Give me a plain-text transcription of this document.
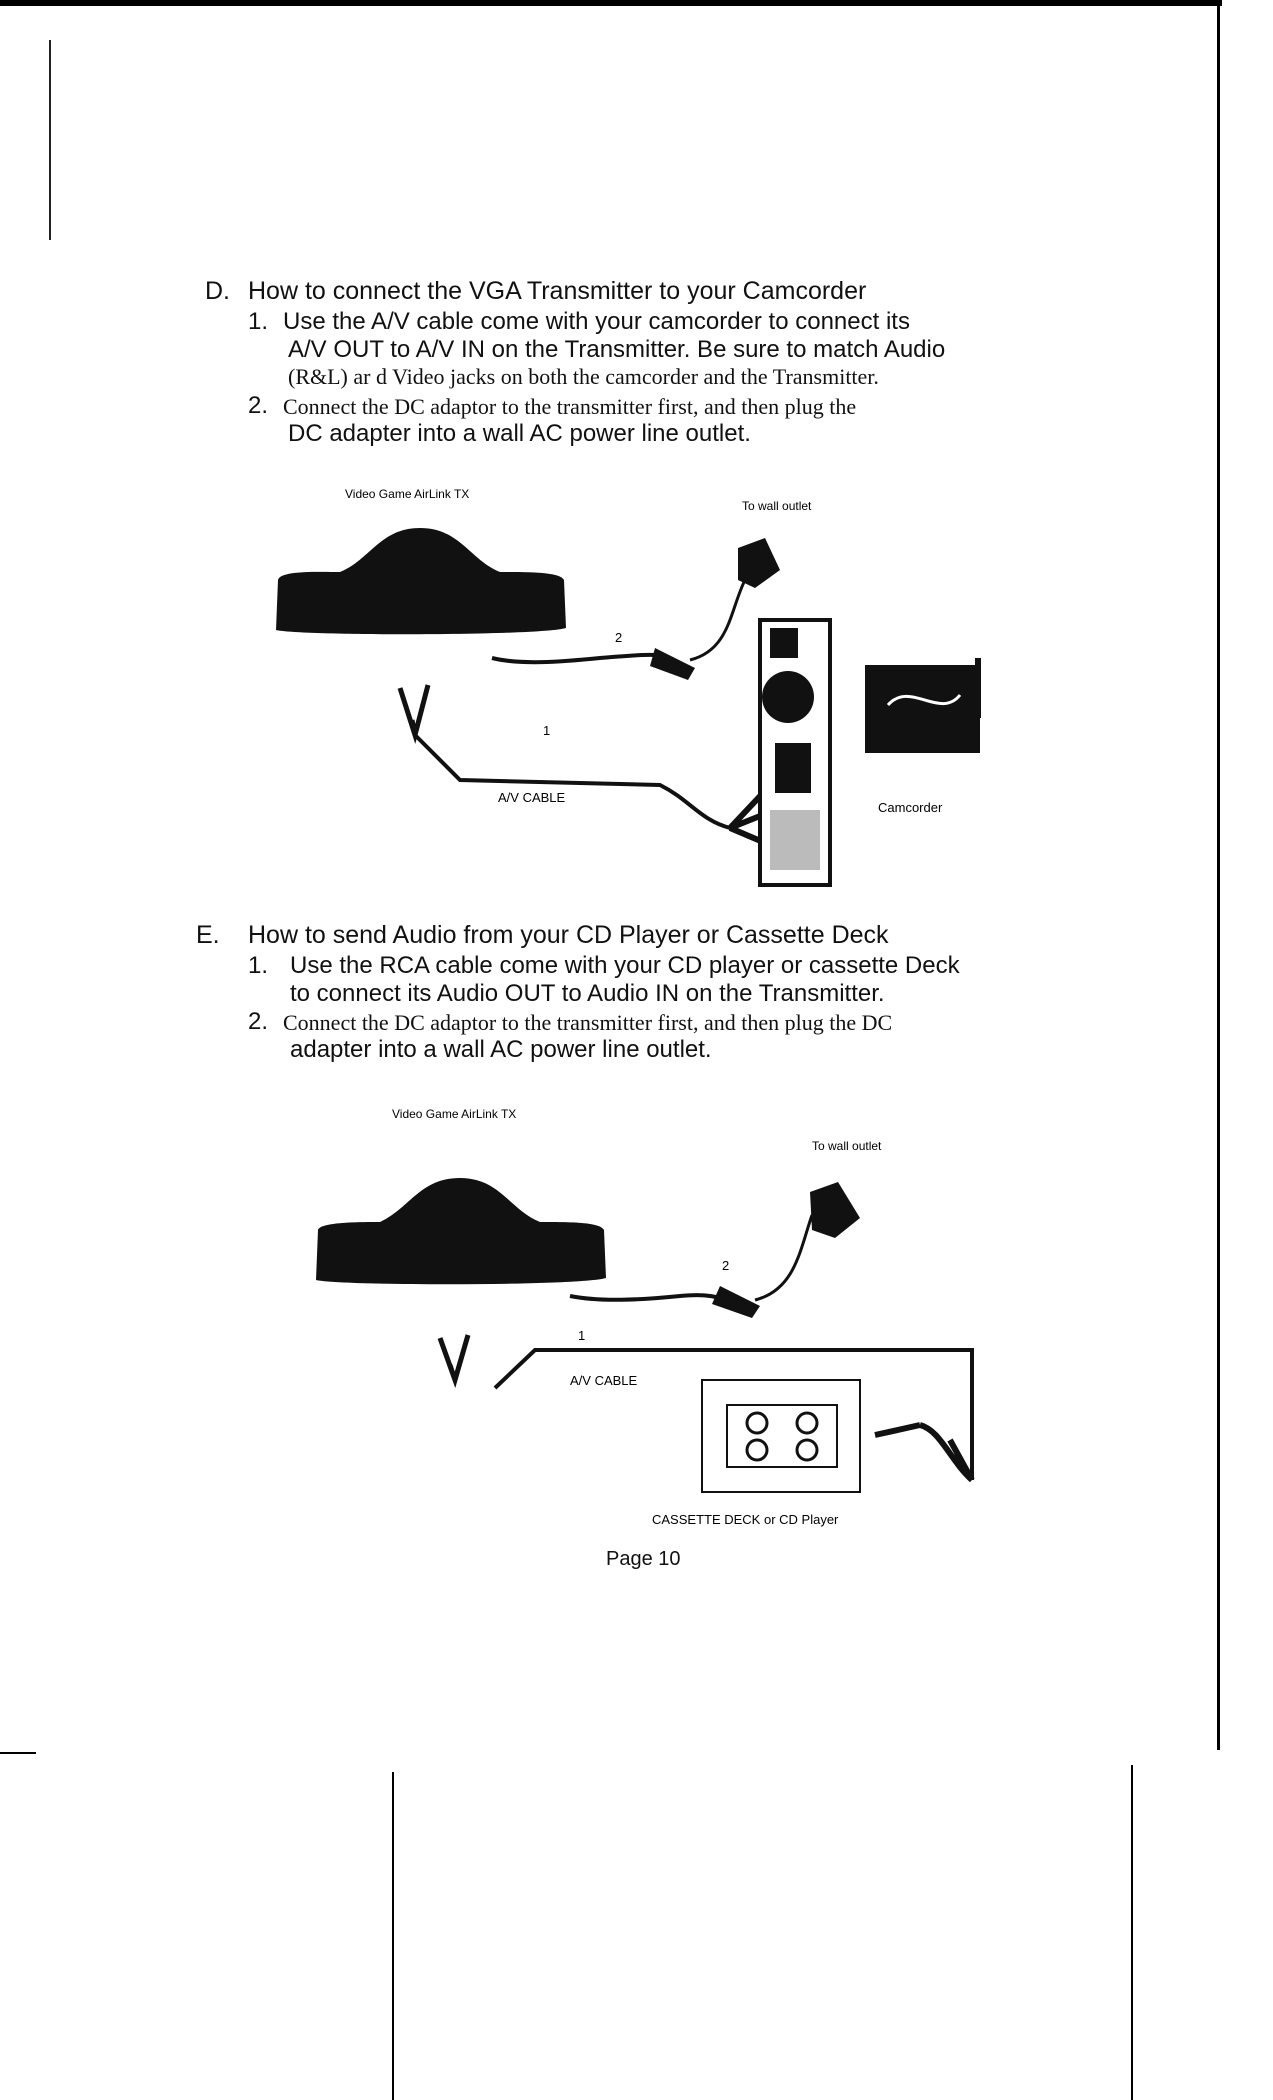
D. How to connect the VGA Transmitter to your Camcorder
1. Use the A/V cable come with your camcorder to connect its
A/V OUT to A/V IN on the Transmitter. Be sure to match Audio
(R&L) ar d Video jacks on both the camcorder and the Transmitter.
2. Connect the DC adaptor to the transmitter first, and then plug the
DC adapter into a wall AC power line outlet.
Video Game AirLink TX
To wall outlet
1
A/V CABLE
2
JVC
Camcorder
E. How to send Audio from your CD Player or Cassette Deck
1. Use the RCA cable come with your CD player or cassette Deck
to connect its Audio OUT to Audio IN on the Transmitter.
2. Connect the DC adaptor to the transmitter first, and then plug the DC
adapter into a wall AC power line outlet.
Video Game AirLink TX
To wall outlet
1
A/V CABLE
2
CASSETTE DECK or CD Player
Page 10
